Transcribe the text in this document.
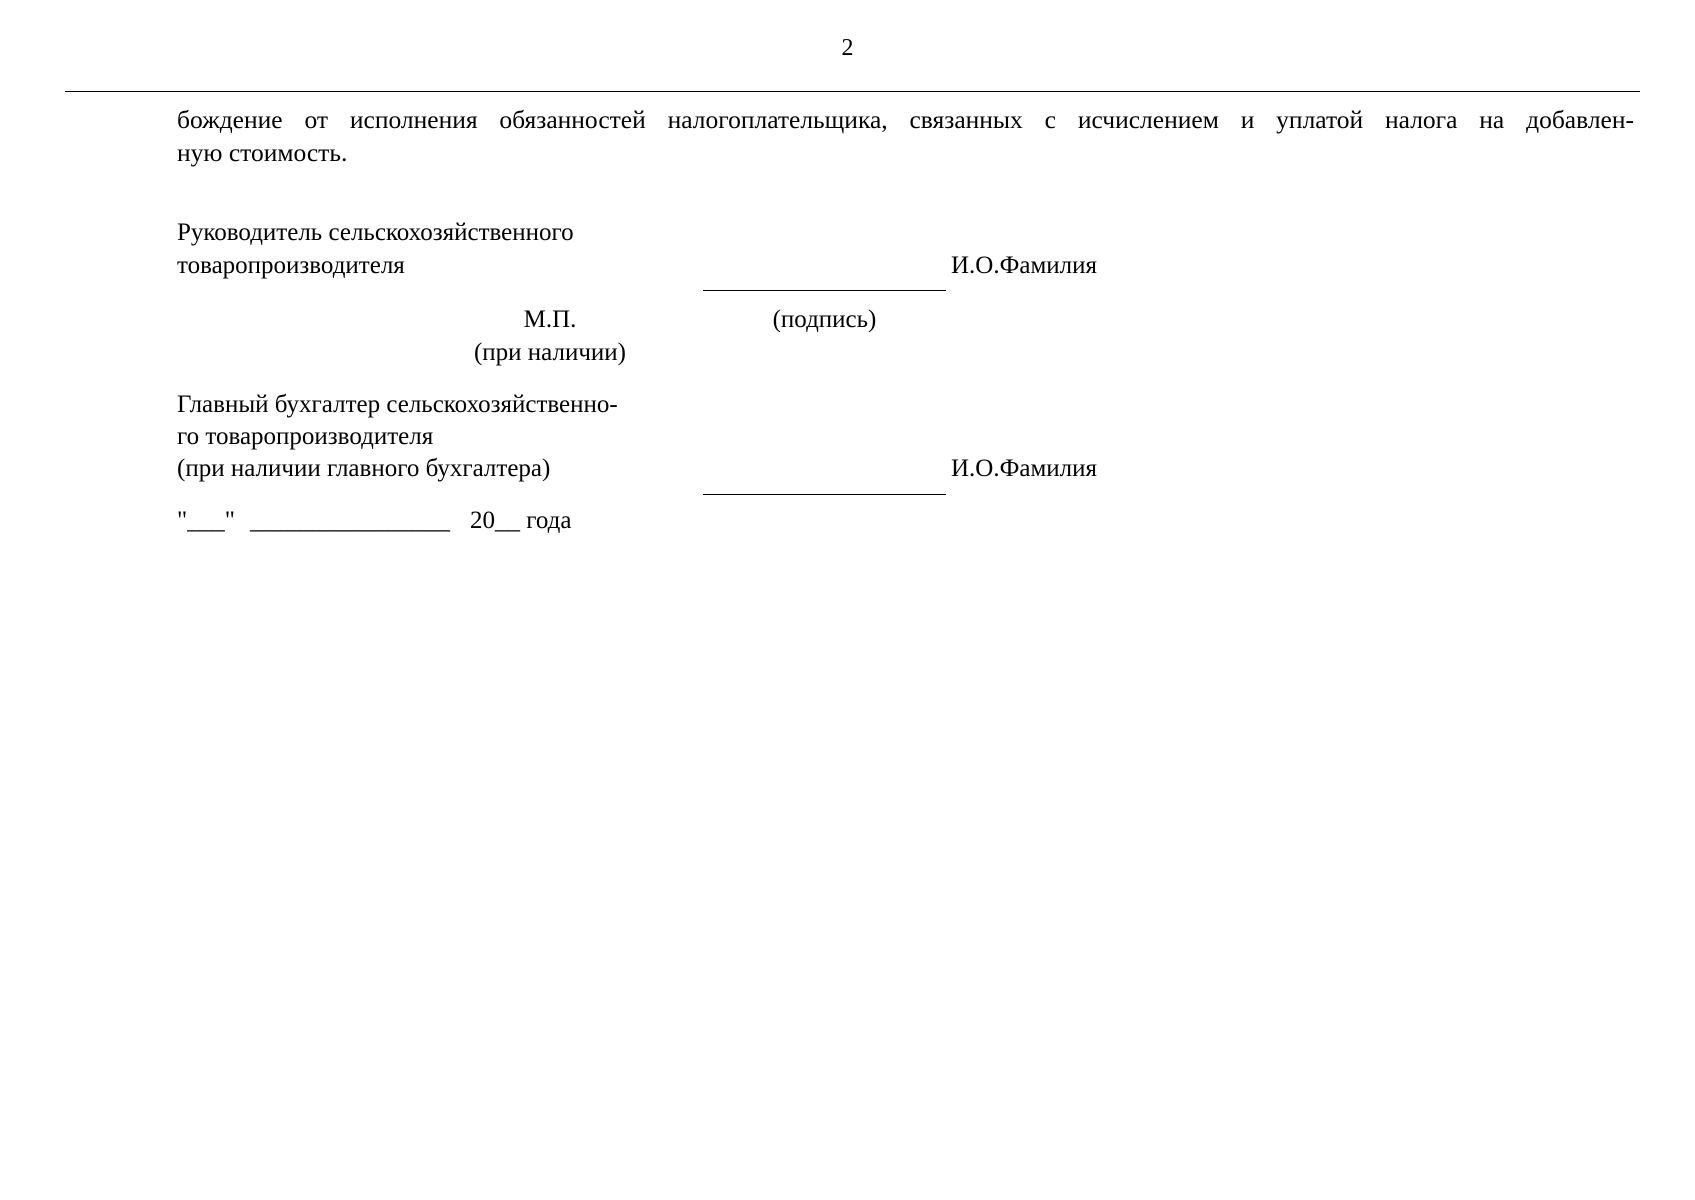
2
бождение от исполнения обязанностей налогоплательщика, связанных с исчислением и уплатой налога на добавлен-
ную стоимость.
Руководитель сельскохозяйственного
товаропроизводителя	И.О.Фамилия
М.П.
(при наличии)
(подпись)
Главный бухгалтер сельскохозяйственно-
го товаропроизводителя
(при наличии главного бухгалтера)	И.О.Фамилия
"___" ________________ 20__ года
